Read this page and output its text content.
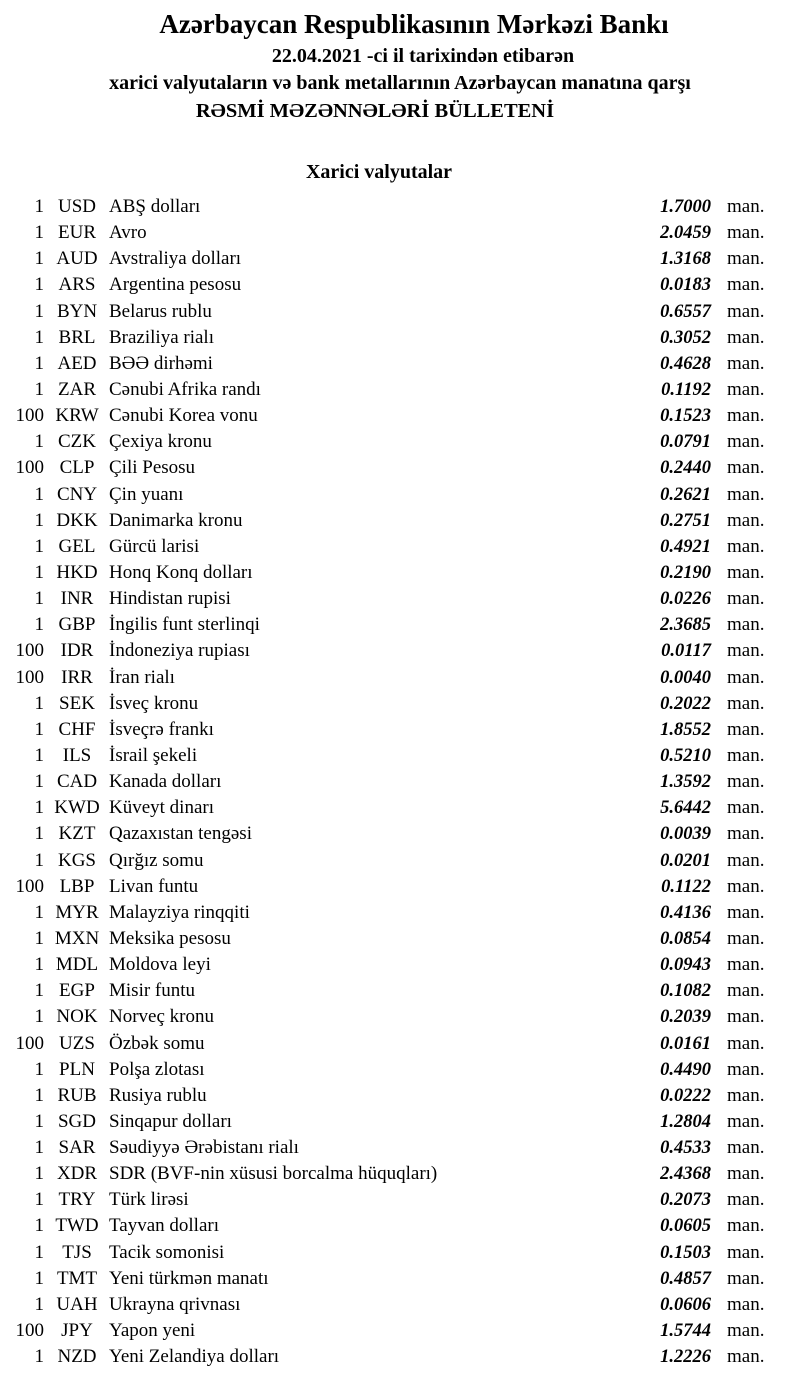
Azərbaycan Respublikasının Mərkəzi Bankı
22.04.2021 -ci il tarixindən etibarən
xarici valyutaların və bank metallarının Azərbaycan manatına qarşı
RƏSMİ MƏZƏNNƏLƏRİ BÜLLETENİ
Xarici valyutalar
1 USD ABŞ dolları	1.7000 man.
1 EUR Avro	2.0459 man.
1 AUD Avstraliya dolları	1.3168 man.
1 ARS Argentina pesosu	0.0183 man.
1 BYN Belarus rublu	0.6557 man.
1 BRL Braziliya rialı	0.3052 man.
1 AED BƏƏ dirhəmi	0.4628 man.
1 ZAR Cənubi Afrika randı	0.1192 man.
100 KRW Cənubi Korea vonu	0.1523 man.
1 CZK Çexiya kronu	0.0791 man.
100 CLP Çili Pesosu	0.2440 man.
1 CNY Çin yuanı	0.2621 man.
1 DKK Danimarka kronu	0.2751 man.
1 GEL Gürcü larisi	0.4921 man.
1 HKD Honq Konq dolları	0.2190 man.
1 INR Hindistan rupisi	0.0226 man.
1 GBP İngilis funt sterlinqi	2.3685 man.
100 IDR İndoneziya rupiası	0.0117 man.
100 IRR İran rialı	0.0040 man.
1 SEK İsveç kronu	0.2022 man.
1 CHF İsveçrə frankı	1.8552 man.
1 ILS İsrail şekeli	0.5210 man.
1 CAD Kanada dolları	1.3592 man.
1 KWD Küveyt dinarı	5.6442 man.
1 KZT Qazaxıstan tengəsi	0.0039 man.
1 KGS Qırğız somu	0.0201 man.
100 LBP Livan funtu	0.1122 man.
1 MYR Malayziya rinqqiti	0.4136 man.
1 MXN Meksika pesosu	0.0854 man.
1 MDL Moldova leyi	0.0943 man.
1 EGP Misir funtu	0.1082 man.
1 NOK Norveç kronu	0.2039 man.
100 UZS Özbək somu	0.0161 man.
1 PLN Polşa zlotası	0.4490 man.
1 RUB Rusiya rublu	0.0222 man.
1 SGD Sinqapur dolları	1.2804 man.
1 SAR Səudiyyə Ərəbistanı rialı	0.4533 man.
1 XDR SDR (BVF-nin xüsusi borcalma hüquqları)	2.4368 man.
1 TRY Türk lirəsi	0.2073 man.
1 TWD Tayvan dolları	0.0605 man.
1 TJS Tacik somonisi	0.1503 man.
1 TMT Yeni türkmən manatı	0.4857 man.
1 UAH Ukrayna qrivnası	0.0606 man.
100 JPY Yapon yeni	1.5744 man.
1 NZD Yeni Zelandiya dolları	1.2226 man.
